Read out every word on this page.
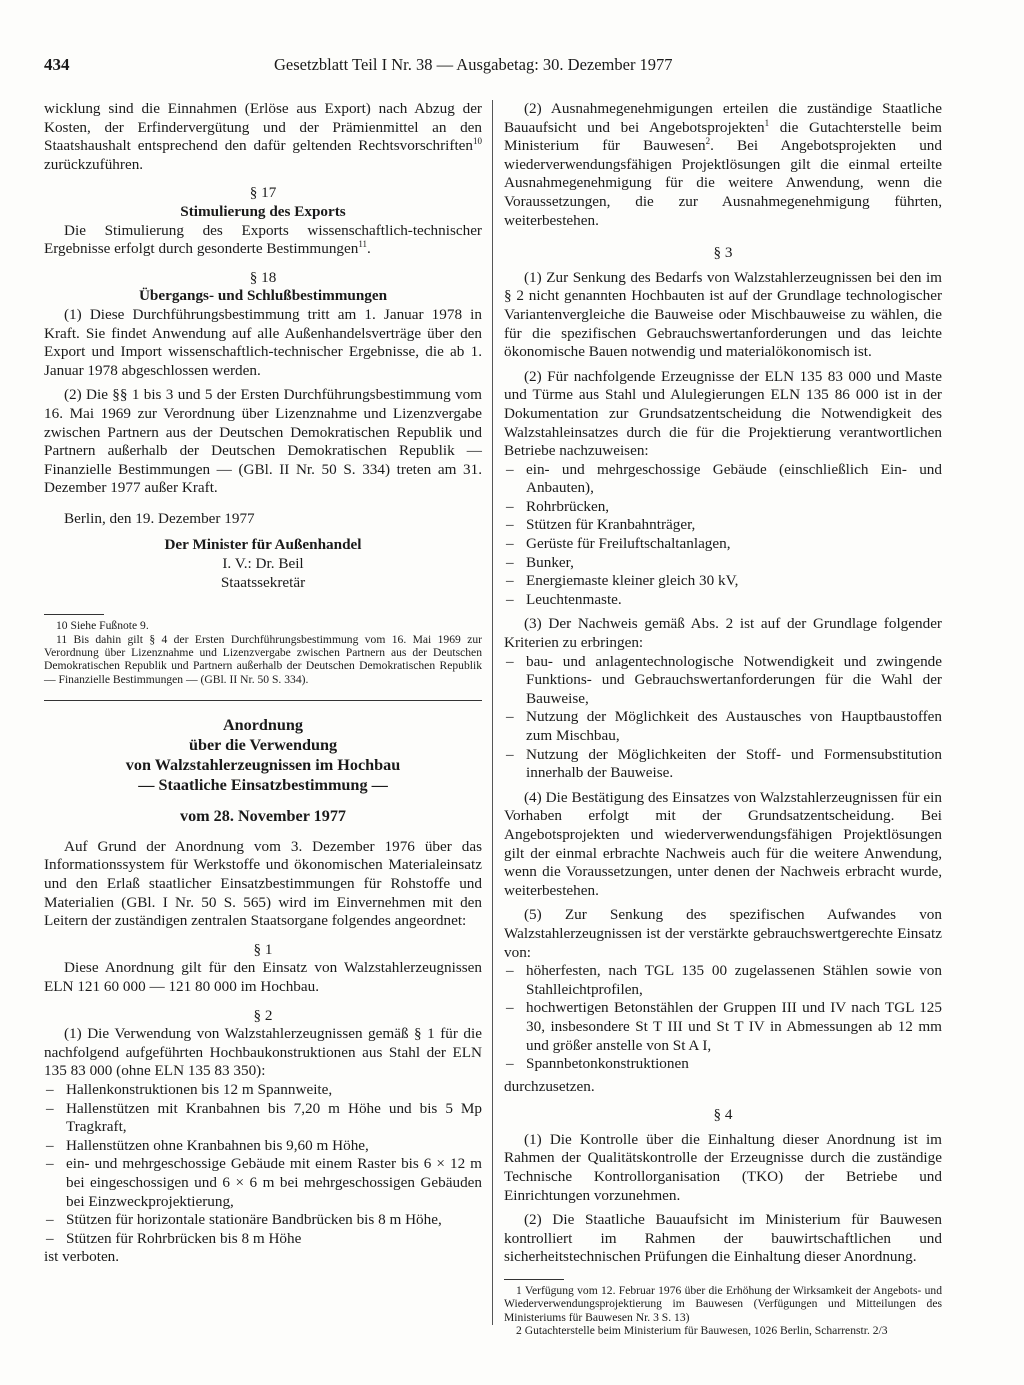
434	Gesetzblatt Teil I Nr. 38 — Ausgabetag: 30. Dezember 1977

wicklung sind die Einnahmen (Erlöse aus Export) nach Abzug der Kosten, der Erfindervergütung und der Prämienmittel an den Staatshaushalt entsprechend den dafür geltenden Rechtsvorschriften$^{10}$ zurückzuführen.

§ 17

Stimulierung des Exports

Die Stimulierung des Exports wissenschaftlich-technischer Ergebnisse erfolgt durch gesonderte Bestimmungen$^{11}$.

§ 18

Übergangs- und Schlußbestimmungen

(1) Diese Durchführungsbestimmung tritt am 1. Januar 1978 in Kraft. Sie findet Anwendung auf alle Außenhandelsverträge über den Export und Import wissenschaftlich-technischer Ergebnisse, die ab 1. Januar 1978 abgeschlossen werden.

(2) Die §§ 1 bis 3 und 5 der Ersten Durchführungsbestimmung vom 16. Mai 1969 zur Verordnung über Lizenznahme und Lizenzvergabe zwischen Partnern aus der Deutschen Demokratischen Republik und Partnern außerhalb der Deutschen Demokratischen Republik — Finanzielle Bestimmungen — (GBl. II Nr. 50 S. 334) treten am 31. Dezember 1977 außer Kraft.

Berlin, den 19. Dezember 1977

Der Minister für Außenhandel

I. V.: Dr. Beil

Staatssekretär

10 Siehe Fußnote 9.

11 Bis dahin gilt § 4 der Ersten Durchführungsbestimmung vom 16. Mai 1969 zur Verordnung über Lizenznahme und Lizenzvergabe zwischen Partnern aus der Deutschen Demokratischen Republik und Partnern außerhalb der Deutschen Demokratischen Republik — Finanzielle Bestimmungen — (GBl. II Nr. 50 S. 334).

Anordnung

über die Verwendung

von Walzstahlerzeugnissen im Hochbau

— Staatliche Einsatzbestimmung —

vom 28. November 1977

Auf Grund der Anordnung vom 3. Dezember 1976 über das Informationssystem für Werkstoffe und ökonomischen Materialeinsatz und den Erlaß staatlicher Einsatzbestimmungen für Rohstoffe und Materialien (GBl. I Nr. 50 S. 565) wird im Einvernehmen mit den Leitern der zuständigen zentralen Staatsorgane folgendes angeordnet:

§ 1

Diese Anordnung gilt für den Einsatz von Walzstahlerzeugnissen ELN 121 60 000 — 121 80 000 im Hochbau.

§ 2

(1) Die Verwendung von Walzstahlerzeugnissen gemäß § 1 für die nachfolgend aufgeführten Hochbaukonstruktionen aus Stahl der ELN 135 83 000 (ohne ELN 135 83 350):

– Hallenkonstruktionen bis 12 m Spannweite,
– Hallenstützen mit Kranbahnen bis 7,20 m Höhe und bis 5 Mp Tragkraft,
– Hallenstützen ohne Kranbahnen bis 9,60 m Höhe,
– ein- und mehrgeschossige Gebäude mit einem Raster bis 6 × 12 m bei eingeschossigen und 6 × 6 m bei mehrgeschossigen Gebäuden bei Einzweckprojektierung,
– Stützen für horizontale stationäre Bandbrücken bis 8 m Höhe,
– Stützen für Rohrbrücken bis 8 m Höhe

ist verboten.

(2) Ausnahmegenehmigungen erteilen die zuständige Staatliche Bauaufsicht und bei Angebotsprojekten$^1$ die Gutachterstelle beim Ministerium für Bauwesen$^2$. Bei Angebotsprojekten und wiederverwendungsfähigen Projektlösungen gilt die einmal erteilte Ausnahmegenehmigung für die weitere Anwendung, wenn die Voraussetzungen, die zur Ausnahmegenehmigung führten, weiterbestehen.

§ 3

(1) Zur Senkung des Bedarfs von Walzstahlerzeugnissen bei den im § 2 nicht genannten Hochbauten ist auf der Grundlage technologischer Variantenvergleiche die Bauweise oder Mischbauweise zu wählen, die für die spezifischen Gebrauchswertanforderungen und das leichte ökonomische Bauen notwendig und materialökonomisch ist.

(2) Für nachfolgende Erzeugnisse der ELN 135 83 000 und Maste und Türme aus Stahl und Alulegierungen ELN 135 86 000 ist in der Dokumentation zur Grundsatzentscheidung die Notwendigkeit des Walzstahleinsatzes durch die für die Projektierung verantwortlichen Betriebe nachzuweisen:

– ein- und mehrgeschossige Gebäude (einschließlich Ein- und Anbauten),
– Rohrbrücken,
– Stützen für Kranbahnträger,
– Gerüste für Freiluftschaltanlagen,
– Bunker,
– Energiemaste kleiner gleich 30 kV,
– Leuchtenmaste.

(3) Der Nachweis gemäß Abs. 2 ist auf der Grundlage folgender Kriterien zu erbringen:

– bau- und anlagentechnologische Notwendigkeit und zwingende Funktions- und Gebrauchswertanforderungen für die Wahl der Bauweise,
– Nutzung der Möglichkeit des Austausches von Hauptbaustoffen zum Mischbau,
– Nutzung der Möglichkeiten der Stoff- und Formensubstitution innerhalb der Bauweise.

(4) Die Bestätigung des Einsatzes von Walzstahlerzeugnissen für ein Vorhaben erfolgt mit der Grundsatzentscheidung. Bei Angebotsprojekten und wiederverwendungsfähigen Projektlösungen gilt der einmal erbrachte Nachweis auch für die weitere Anwendung, wenn die Voraussetzungen, unter denen der Nachweis erbracht wurde, weiterbestehen.

(5) Zur Senkung des spezifischen Aufwandes von Walzstahlerzeugnissen ist der verstärkte gebrauchswertgerechte Einsatz von:

– höherfesten, nach TGL 135 00 zugelassenen Stählen sowie von Stahlleichtprofilen,
– hochwertigen Betonstählen der Gruppen III und IV nach TGL 125 30, insbesondere St T III und St T IV in Abmessungen ab 12 mm und größer anstelle von St A I,
– Spannbetonkonstruktionen

durchzusetzen.

§ 4

(1) Die Kontrolle über die Einhaltung dieser Anordnung ist im Rahmen der Qualitätskontrolle der Erzeugnisse durch die zuständige Technische Kontrollorganisation (TKO) der Betriebe und Einrichtungen vorzunehmen.

(2) Die Staatliche Bauaufsicht im Ministerium für Bauwesen kontrolliert im Rahmen der bauwirtschaftlichen und sicherheitstechnischen Prüfungen die Einhaltung dieser Anordnung.

1 Verfügung vom 12. Februar 1976 über die Erhöhung der Wirksamkeit der Angebots- und Wiederverwendungsprojektierung im Bauwesen (Verfügungen und Mitteilungen des Ministeriums für Bauwesen Nr. 3 S. 13)

2 Gutachterstelle beim Ministerium für Bauwesen, 1026 Berlin, Scharrenstr. 2/3
